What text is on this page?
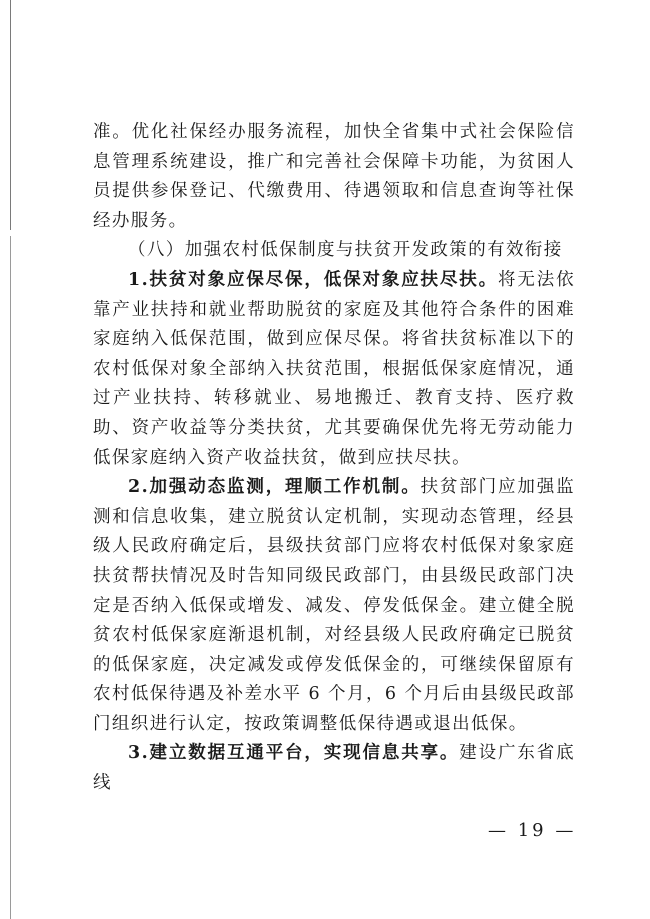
准。优化社保经办服务流程，加快全省集中式社会保险信息管理系统建设，推广和完善社会保障卡功能，为贫困人员提供参保登记、代缴费用、待遇领取和信息查询等社保经办服务。

（八）加强农村低保制度与扶贫开发政策的有效衔接

1.扶贫对象应保尽保，低保对象应扶尽扶。将无法依靠产业扶持和就业帮助脱贫的家庭及其他符合条件的困难家庭纳入低保范围，做到应保尽保。将省扶贫标准以下的农村低保对象全部纳入扶贫范围，根据低保家庭情况，通过产业扶持、转移就业、易地搬迁、教育支持、医疗救助、资产收益等分类扶贫，尤其要确保优先将无劳动能力低保家庭纳入资产收益扶贫，做到应扶尽扶。

2.加强动态监测，理顺工作机制。扶贫部门应加强监测和信息收集，建立脱贫认定机制，实现动态管理，经县级人民政府确定后，县级扶贫部门应将农村低保对象家庭扶贫帮扶情况及时告知同级民政部门，由县级民政部门决定是否纳入低保或增发、减发、停发低保金。建立健全脱贫农村低保家庭渐退机制，对经县级人民政府确定已脱贫的低保家庭，决定减发或停发低保金的，可继续保留原有农村低保待遇及补差水平 6 个月，6 个月后由县级民政部门组织进行认定，按政策调整低保待遇或退出低保。

3.建立数据互通平台，实现信息共享。建设广东省底线

— 19 —
